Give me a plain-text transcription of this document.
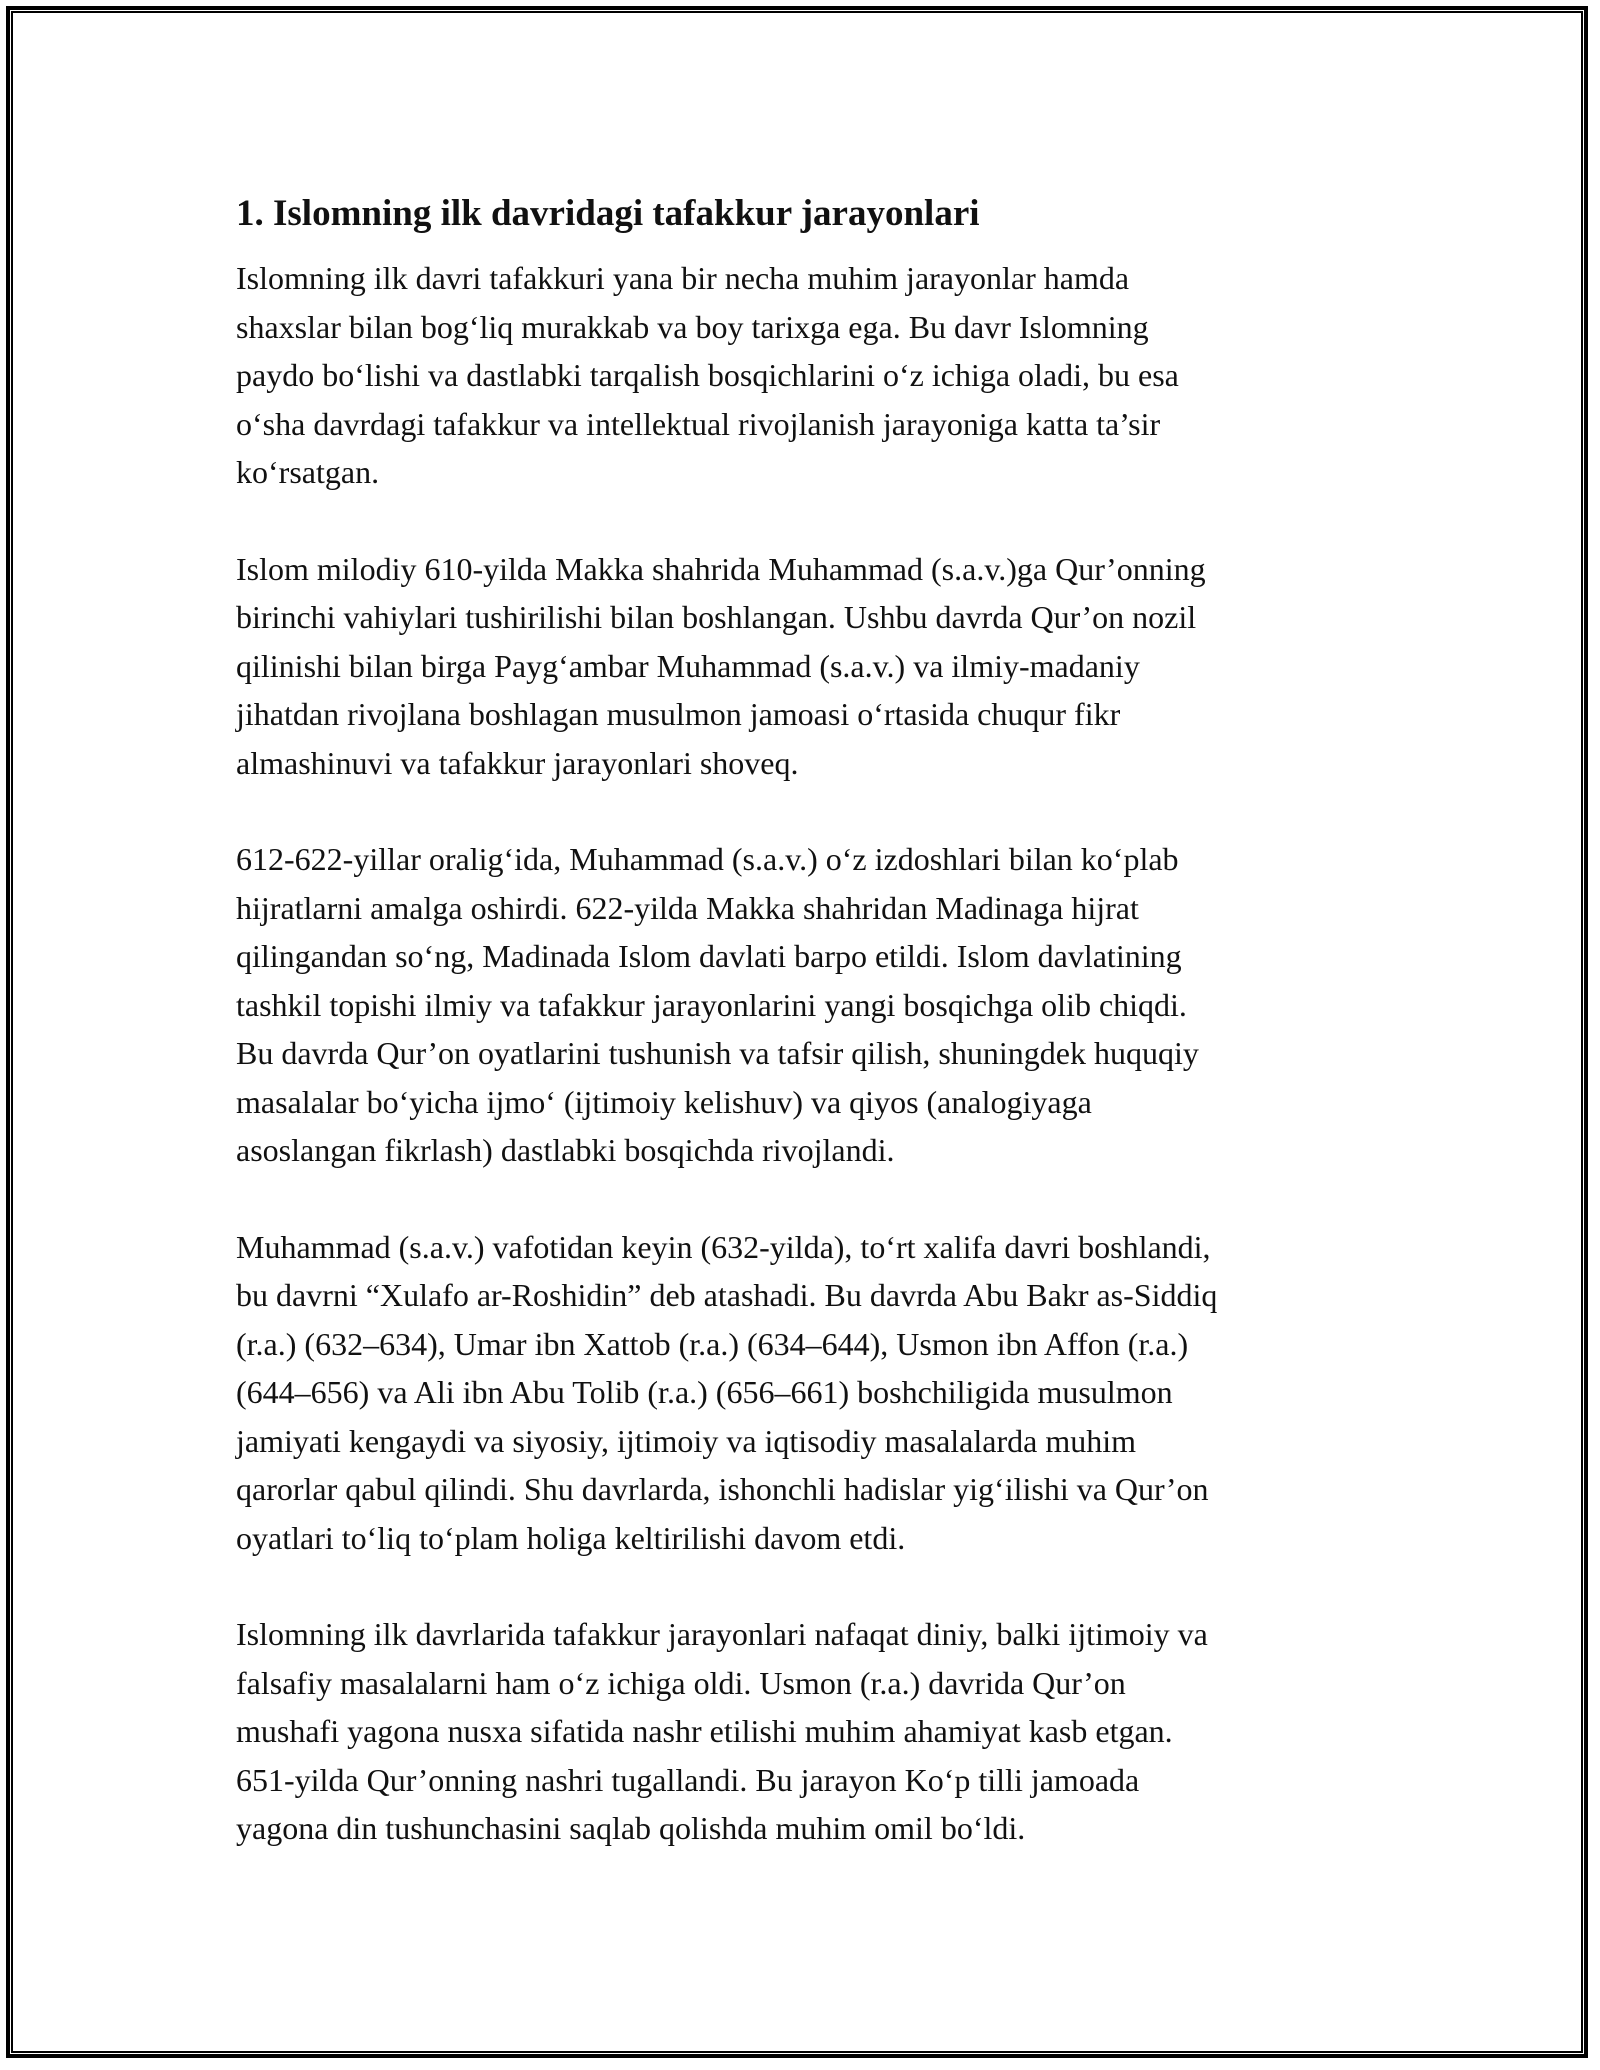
1. Islomning ilk davridagi tafakkur jarayonlari

Islomning ilk davri tafakkuri yana bir necha muhim jarayonlar hamda
shaxslar bilan bog‘liq murakkab va boy tarixga ega. Bu davr Islomning
paydo bo‘lishi va dastlabki tarqalish bosqichlarini o‘z ichiga oladi, bu esa
o‘sha davrdagi tafakkur va intellektual rivojlanish jarayoniga katta ta’sir
ko‘rsatgan.

Islom milodiy 610-yilda Makka shahrida Muhammad (s.a.v.)ga Qur’onning
birinchi vahiylari tushirilishi bilan boshlangan. Ushbu davrda Qur’on nozil
qilinishi bilan birga Payg‘ambar Muhammad (s.a.v.) va ilmiy-madaniy
jihatdan rivojlana boshlagan musulmon jamoasi o‘rtasida chuqur fikr
almashinuvi va tafakkur jarayonlari shoveq.

612-622-yillar oralig‘ida, Muhammad (s.a.v.) o‘z izdoshlari bilan ko‘plab
hijratlarni amalga oshirdi. 622-yilda Makka shahridan Madinaga hijrat
qilingandan so‘ng, Madinada Islom davlati barpo etildi. Islom davlatining
tashkil topishi ilmiy va tafakkur jarayonlarini yangi bosqichga olib chiqdi.
Bu davrda Qur’on oyatlarini tushunish va tafsir qilish, shuningdek huquqiy
masalalar bo‘yicha ijmo‘ (ijtimoiy kelishuv) va qiyos (analogiyaga
asoslangan fikrlash) dastlabki bosqichda rivojlandi.

Muhammad (s.a.v.) vafotidan keyin (632-yilda), to‘rt xalifa davri boshlandi,
bu davrni “Xulafo ar-Roshidin” deb atashadi. Bu davrda Abu Bakr as-Siddiq
(r.a.) (632–634), Umar ibn Xattob (r.a.) (634–644), Usmon ibn Affon (r.a.)
(644–656) va Ali ibn Abu Tolib (r.a.) (656–661) boshchiligida musulmon
jamiyati kengaydi va siyosiy, ijtimoiy va iqtisodiy masalalarda muhim
qarorlar qabul qilindi. Shu davrlarda, ishonchli hadislar yig‘ilishi va Qur’on
oyatlari to‘liq to‘plam holiga keltirilishi davom etdi.

Islomning ilk davrlarida tafakkur jarayonlari nafaqat diniy, balki ijtimoiy va
falsafiy masalalarni ham o‘z ichiga oldi. Usmon (r.a.) davrida Qur’on
mushafi yagona nusxa sifatida nashr etilishi muhim ahamiyat kasb etgan.
651-yilda Qur’onning nashri tugallandi. Bu jarayon Ko‘p tilli jamoada
yagona din tushunchasini saqlab qolishda muhim omil bo‘ldi.
